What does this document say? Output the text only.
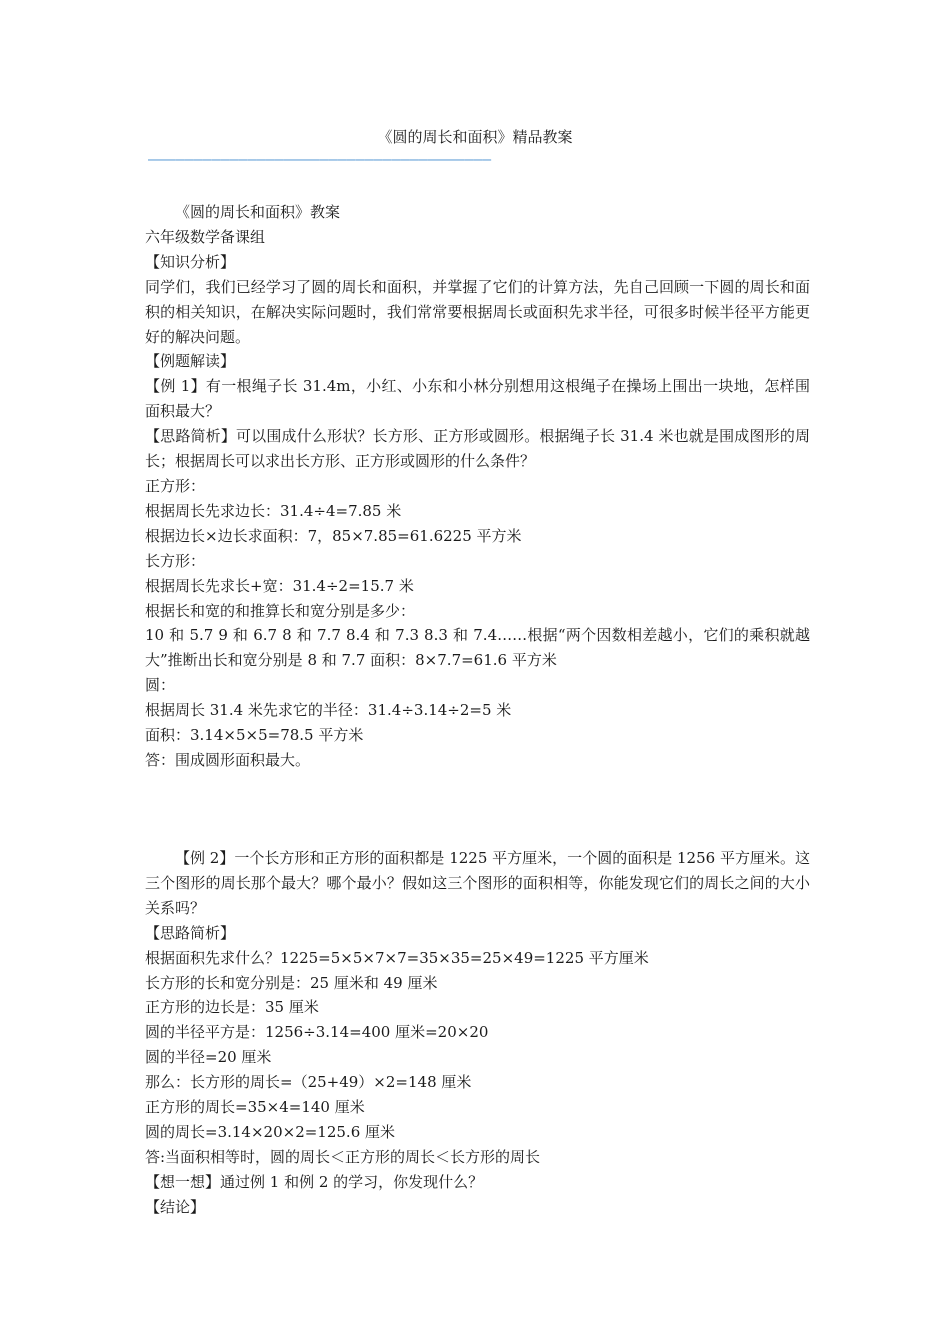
《圆的周长和面积》精品教案
——————————————————————————————————————

《圆的周长和面积》教案

六年级数学备课组

【知识分析】

同学们，我们已经学习了圆的周长和面积，并掌握了它们的计算方法，先自己回顾一下圆的周长和面积的相关知识，在解决实际问题时，我们常常要根据周长或面积先求半径，可很多时候半径平方能更好的解决问题。

【例题解读】

【例 1】有一根绳子长 31.4m，小红、小东和小林分别想用这根绳子在操场上围出一块地，怎样围面积最大？

【思路简析】可以围成什么形状？长方形、正方形或圆形。根据绳子长 31.4 米也就是围成图形的周长；根据周长可以求出长方形、正方形或圆形的什么条件？

正方形：

根据周长先求边长：31.4÷4=7.85 米

根据边长×边长求面积：7，85×7.85=61.6225 平方米

长方形：

根据周长先求长+宽：31.4÷2=15.7 米

根据长和宽的和推算长和宽分别是多少：

10 和 5.7 9 和 6.7 8 和 7.7 8.4 和 7.3 8.3 和 7.4……根据“两个因数相差越小，它们的乘积就越大”推断出长和宽分别是 8 和 7.7 面积：8×7.7=61.6 平方米

圆：

根据周长 31.4 米先求它的半径：31.4÷3.14÷2=5 米

面积：3.14×5×5=78.5 平方米

答：围成圆形面积最大。

【例 2】一个长方形和正方形的面积都是 1225 平方厘米，一个圆的面积是 1256 平方厘米。这三个图形的周长那个最大？哪个最小？假如这三个图形的面积相等，你能发现它们的周长之间的大小关系吗？

【思路简析】

根据面积先求什么？1225=5×5×7×7=35×35=25×49=1225 平方厘米

长方形的长和宽分别是：25 厘米和 49 厘米

正方形的边长是：35 厘米

圆的半径平方是：1256÷3.14=400 厘米=20×20

圆的半径=20 厘米

那么：长方形的周长=（25+49）×2=148 厘米

正方形的周长=35×4=140 厘米

圆的周长=3.14×20×2=125.6 厘米

答:当面积相等时，圆的周长＜正方形的周长＜长方形的周长

【想一想】通过例 1 和例 2 的学习，你发现什么？

【结论】
